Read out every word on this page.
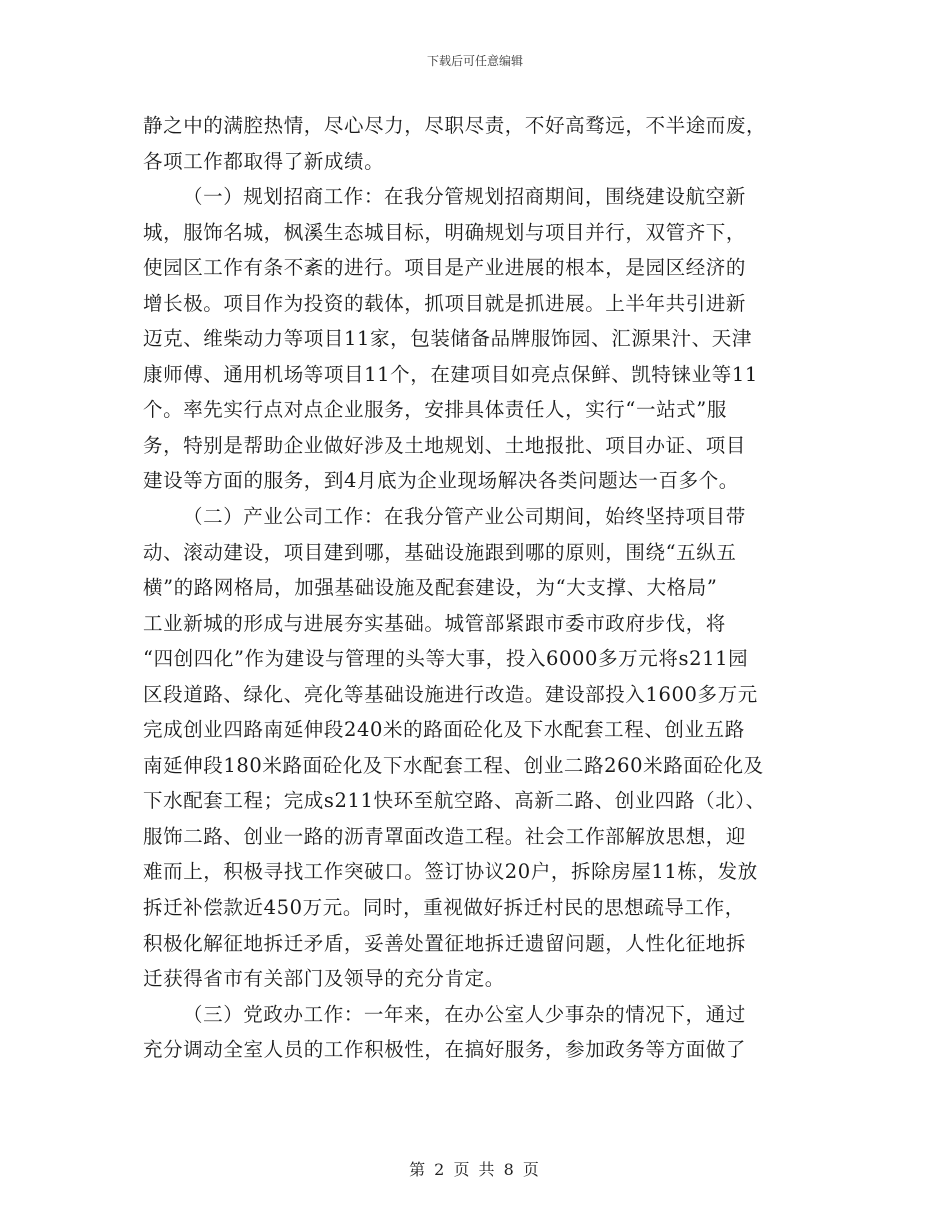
下载后可任意编辑
静之中的满腔热情，尽心尽力，尽职尽责，不好高骛远，不半途而废，
各项工作都取得了新成绩。
（一）规划招商工作：在我分管规划招商期间，围绕建设航空新
城，服饰名城，枫溪生态城目标，明确规划与项目并行，双管齐下，
使园区工作有条不紊的进行。项目是产业进展的根本，是园区经济的
增长极。项目作为投资的载体，抓项目就是抓进展。上半年共引进新
迈克、维柴动力等项目11家，包装储备品牌服饰园、汇源果汁、天津
康师傅、通用机场等项目11个，在建项目如亮点保鲜、凯特铼业等11
个。率先实行点对点企业服务，安排具体责任人，实行“一站式”服
务，特别是帮助企业做好涉及土地规划、土地报批、项目办证、项目
建设等方面的服务，到4月底为企业现场解决各类问题达一百多个。
（二）产业公司工作：在我分管产业公司期间，始终坚持项目带
动、滚动建设，项目建到哪，基础设施跟到哪的原则，围绕“五纵五
横”的路网格局，加强基础设施及配套建设，为“大支撑、大格局”
工业新城的形成与进展夯实基础。城管部紧跟市委市政府步伐，将
“四创四化”作为建设与管理的头等大事，投入6000多万元将s211园
区段道路、绿化、亮化等基础设施进行改造。建设部投入1600多万元
完成创业四路南延伸段240米的路面砼化及下水配套工程、创业五路
南延伸段180米路面砼化及下水配套工程、创业二路260米路面砼化及
下水配套工程；完成s211快环至航空路、高新二路、创业四路（北）、
服饰二路、创业一路的沥青罩面改造工程。社会工作部解放思想，迎
难而上，积极寻找工作突破口。签订协议20户，拆除房屋11栋，发放
拆迁补偿款近450万元。同时，重视做好拆迁村民的思想疏导工作，
积极化解征地拆迁矛盾，妥善处置征地拆迁遗留问题，人性化征地拆
迁获得省市有关部门及领导的充分肯定。
（三）党政办工作：一年来，在办公室人少事杂的情况下，通过
充分调动全室人员的工作积极性，在搞好服务，参加政务等方面做了
第 2 页 共 8 页
